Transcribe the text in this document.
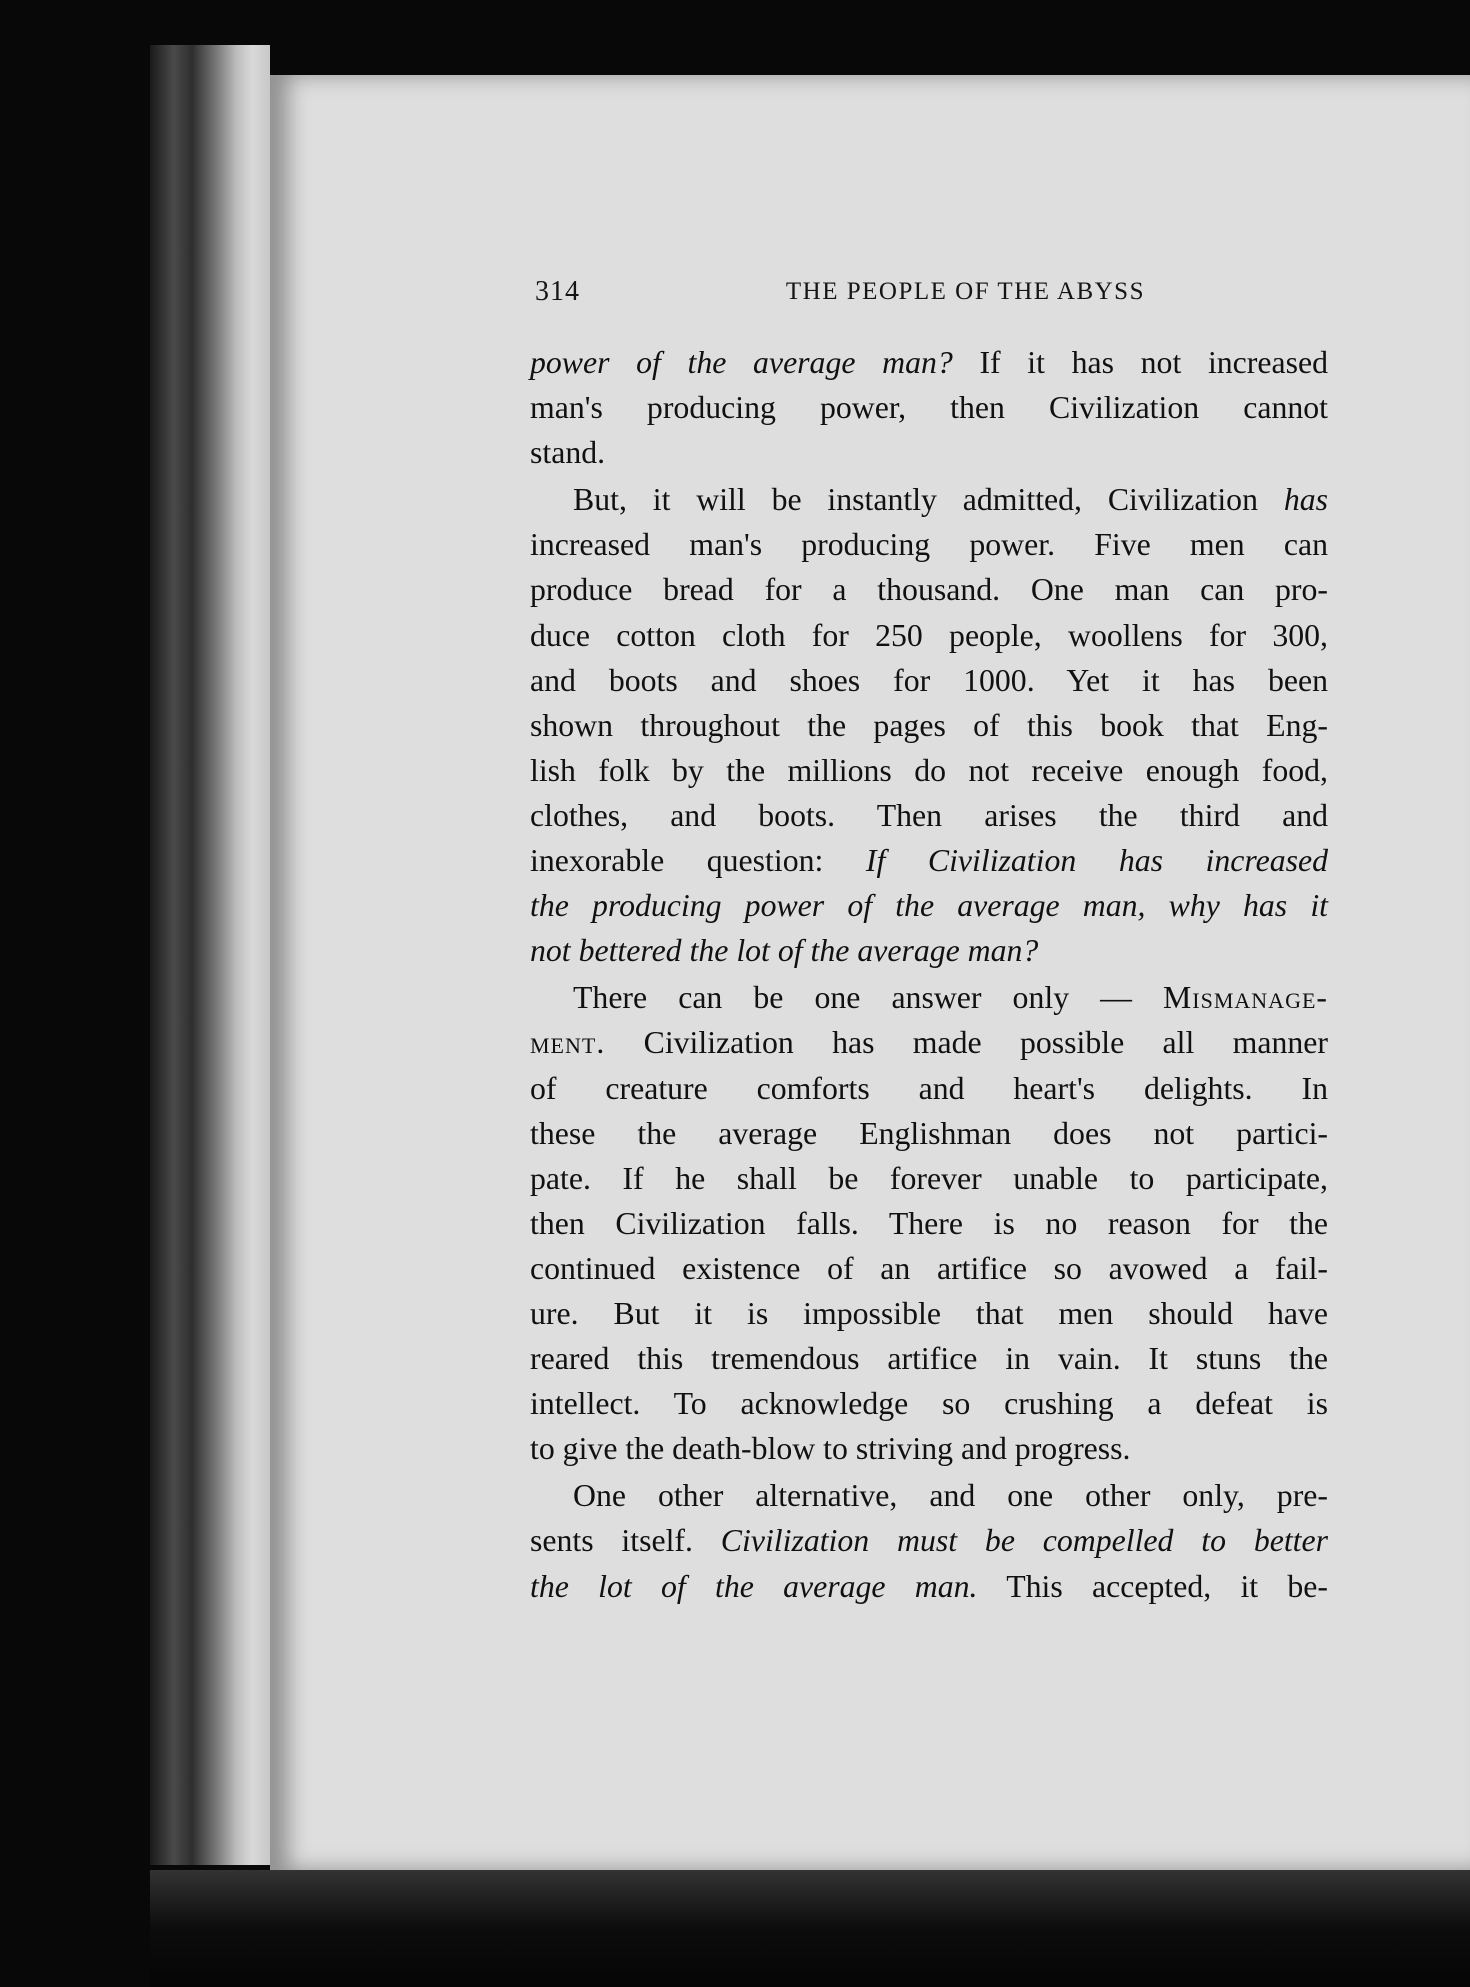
314	THE PEOPLE OF THE ABYSS
power of the average man? If it has not increased
man's producing power, then Civilization cannot
stand.
But, it will be instantly admitted, Civilization has
increased man's producing power. Five men can
produce bread for a thousand. One man can pro-
duce cotton cloth for 250 people, woollens for 300,
and boots and shoes for 1000. Yet it has been
shown throughout the pages of this book that Eng-
lish folk by the millions do not receive enough food,
clothes, and boots. Then arises the third and
inexorable question: If Civilization has increased
the producing power of the average man, why has it
not bettered the lot of the average man?
There can be one answer only — Mismanage-
ment. Civilization has made possible all manner
of creature comforts and heart's delights. In
these the average Englishman does not partici-
pate. If he shall be forever unable to participate,
then Civilization falls. There is no reason for the
continued existence of an artifice so avowed a fail-
ure. But it is impossible that men should have
reared this tremendous artifice in vain. It stuns the
intellect. To acknowledge so crushing a defeat is
to give the death-blow to striving and progress.
One other alternative, and one other only, pre-
sents itself. Civilization must be compelled to better
the lot of the average man. This accepted, it be-
